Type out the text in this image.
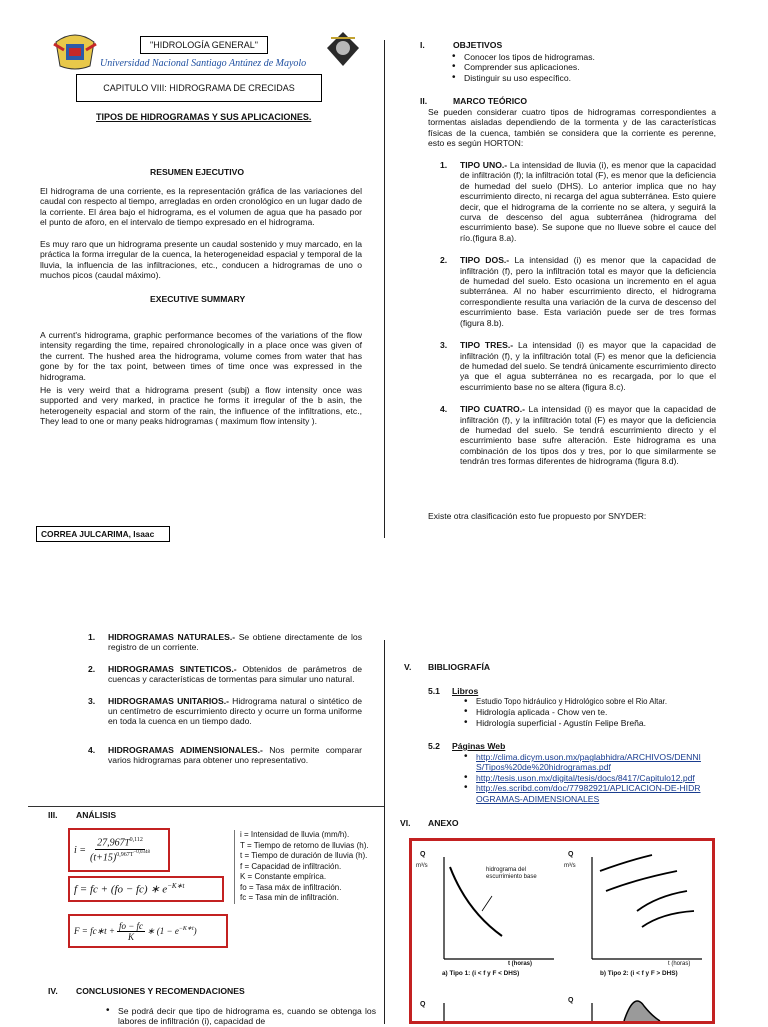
"HIDROLOGÍA GENERAL"
Universidad Nacional Santiago Antúnez de Mayolo
CAPITULO VIII: HIDROGRAMA DE CRECIDAS
TIPOS DE HIDROGRAMAS Y SUS APLICACIONES.
RESUMEN EJECUTIVO
El hidrograma de una corriente, es la representación gráfica de las variaciones del caudal con respecto al tiempo, arregladas en orden cronológico en un lugar dado de la corriente. El área bajo el hidrograma, es el volumen de agua que ha pasado por el punto de aforo, en el intervalo de tiempo expresado en el hidrograma.
Es muy raro que un hidrograma presente un caudal sostenido y muy marcado, en la práctica la forma irregular de la cuenca, la heterogeneidad espacial y temporal de la lluvia, la influencia de las infiltraciones, etc., conducen a hidrogramas de uno o muchos picos (caudal máximo).
EXECUTIVE SUMMARY
A current's hidrograma, graphic performance becomes of the variations of the flow intensity regarding the time, repaired chronologically in a place once was given of the current. The hushed area the hidrograma, volume comes from water that has gone by for the tax point, between times of time once was expressed in the hidrograma.
He is very weird that a hidrograma present (subj) a flow intensity once was supported and very marked, in practice he forms it irregular of the b asin, the heterogeneity espacial and storm of the rain, the influence of the infiltrations, etc., They lead to one or many peaks hidrogramas ( maximum flow intensity ).
CORREA JULCARIMA, Isaac
I.	OBJETIVOS
• Conocer los tipos de hidrogramas.
• Comprender sus aplicaciones.
• Distinguir su uso específico.
II.	MARCO TEÓRICO
Se pueden considerar cuatro tipos de hidrogramas correspondientes a tormentas aisladas dependiendo de la tormenta y de las características físicas de la cuenca, también se considera que la corriente es perenne, esto es según HORTON:
1. TIPO UNO.- La intensidad de lluvia (i), es menor que la capacidad de infiltración (f); la infiltración total (F), es menor que la deficiencia de humedad del suelo (DHS). Lo anterior implica que no hay escurrimiento directo, ni recarga del agua subterránea. Esto quiere decir, que el hidrograma de la corriente no se altera, y seguirá la curva de descenso del agua subterránea (hidrograma del escurrimiento base). Se supone que no llueve sobre el cauce del río.(figura 8.a).
2. TIPO DOS.- La intensidad (i) es menor que la capacidad de infiltración (f), pero la infiltración total es mayor que la deficiencia de humedad del suelo. Esto ocasiona un incremento en el agua subterránea. Al no haber escurrimiento directo, el hidrograma correspondiente resulta una variación de la curva de descenso del escurrimiento base. Esta variación puede ser de tres formas (figura 8.b).
3. TIPO TRES.- La intensidad (i) es mayor que la capacidad de infiltración (f), y la infiltración total (F) es menor que la deficiencia de humedad del suelo. Se tendrá únicamente escurrimiento directo ya que el agua subterránea no es recargada, por lo que el escurrimiento base no se altera (figura 8.c).
4. TIPO CUATRO.- La intensidad (i) es mayor que la capacidad de infiltración (f), y la infiltración total (F) es mayor que la deficiencia de humedad del suelo. Se tendrá escurrimiento directo y el escurrimiento base sufre alteración. Este hidrograma es una combinación de los tipos dos y tres, por lo que similarmente se tendrán tres formas diferentes de hidrograma (figura 8.d).
Existe otra clasificación esto fue propuesto por SNYDER:
1. HIDROGRAMAS NATURALES.- Se obtiene directamente de los registro de un corriente.
2. HIDROGRAMAS SINTETICOS.- Obtenidos de parámetros de cuencas y características de tormentas para simular uno natural.
3. HIDROGRAMAS UNITARIOS.- Hidrograma natural o sintético de un centímetro de escurrimiento directo y ocurre un forma uniforme en toda la cuenca en un tiempo dado.
4. HIDROGRAMAS ADIMENSIONALES.- Nos permite comparar varios hidrogramas para obtener uno representativo.
III. ANÁLISIS
$i = \frac{27,967T^{0,112}}{(t+15)^{0,967T^{-0,0348}}}$
f = fc + (fo − fc) ∗ $e^{-K∗t}$
F = fc∗t + $\frac{fo - fc}{K}$ ∗ $(1 - e^{-K∗t})$
i = Intensidad de lluvia (mm/h).
T = Tiempo de retorno de lluvias (h).
t = Tiempo de duración de lluvia (h).
f = Capacidad de infiltración.
K = Constante empírica.
fo = Tasa máx de infiltración.
fc = Tasa min de infiltración.
IV. CONCLUSIONES Y RECOMENDACIONES
• Se podrá decir que tipo de hidrograma es, cuando se obtenga los labores de infiltración (i), capacidad de
V. BIBLIOGRAFÍA
5.1 Libros
• Estudio Topo hidráulico y Hidrológico sobre el Rio Altar.
• Hidrología aplicada - Chow ven te.
• Hidrología superficial - Agustín Felipe Breña.
5.2 Páginas Web
• http://clima.dicym.uson.mx/paglabhidra/ARCHIVOS/DENNIS/Tipos%20de%20hidrogramas.pdf
• http://tesis.uson.mx/digital/tesis/docs/8417/Capitulo12.pdf
• http://es.scribd.com/doc/77982921/APLICACION-DE-HIDROGRAMAS-ADIMENSIONALES
VI. ANEXO
Q
m³/s
Q
m³/s
hidrograma del escurrimiento base
t (horas)	t (horas)
a) Tipo 1: (i < f y F < DHS)	b) Tipo 2: (i < f y F > DHS)
Q
Q
